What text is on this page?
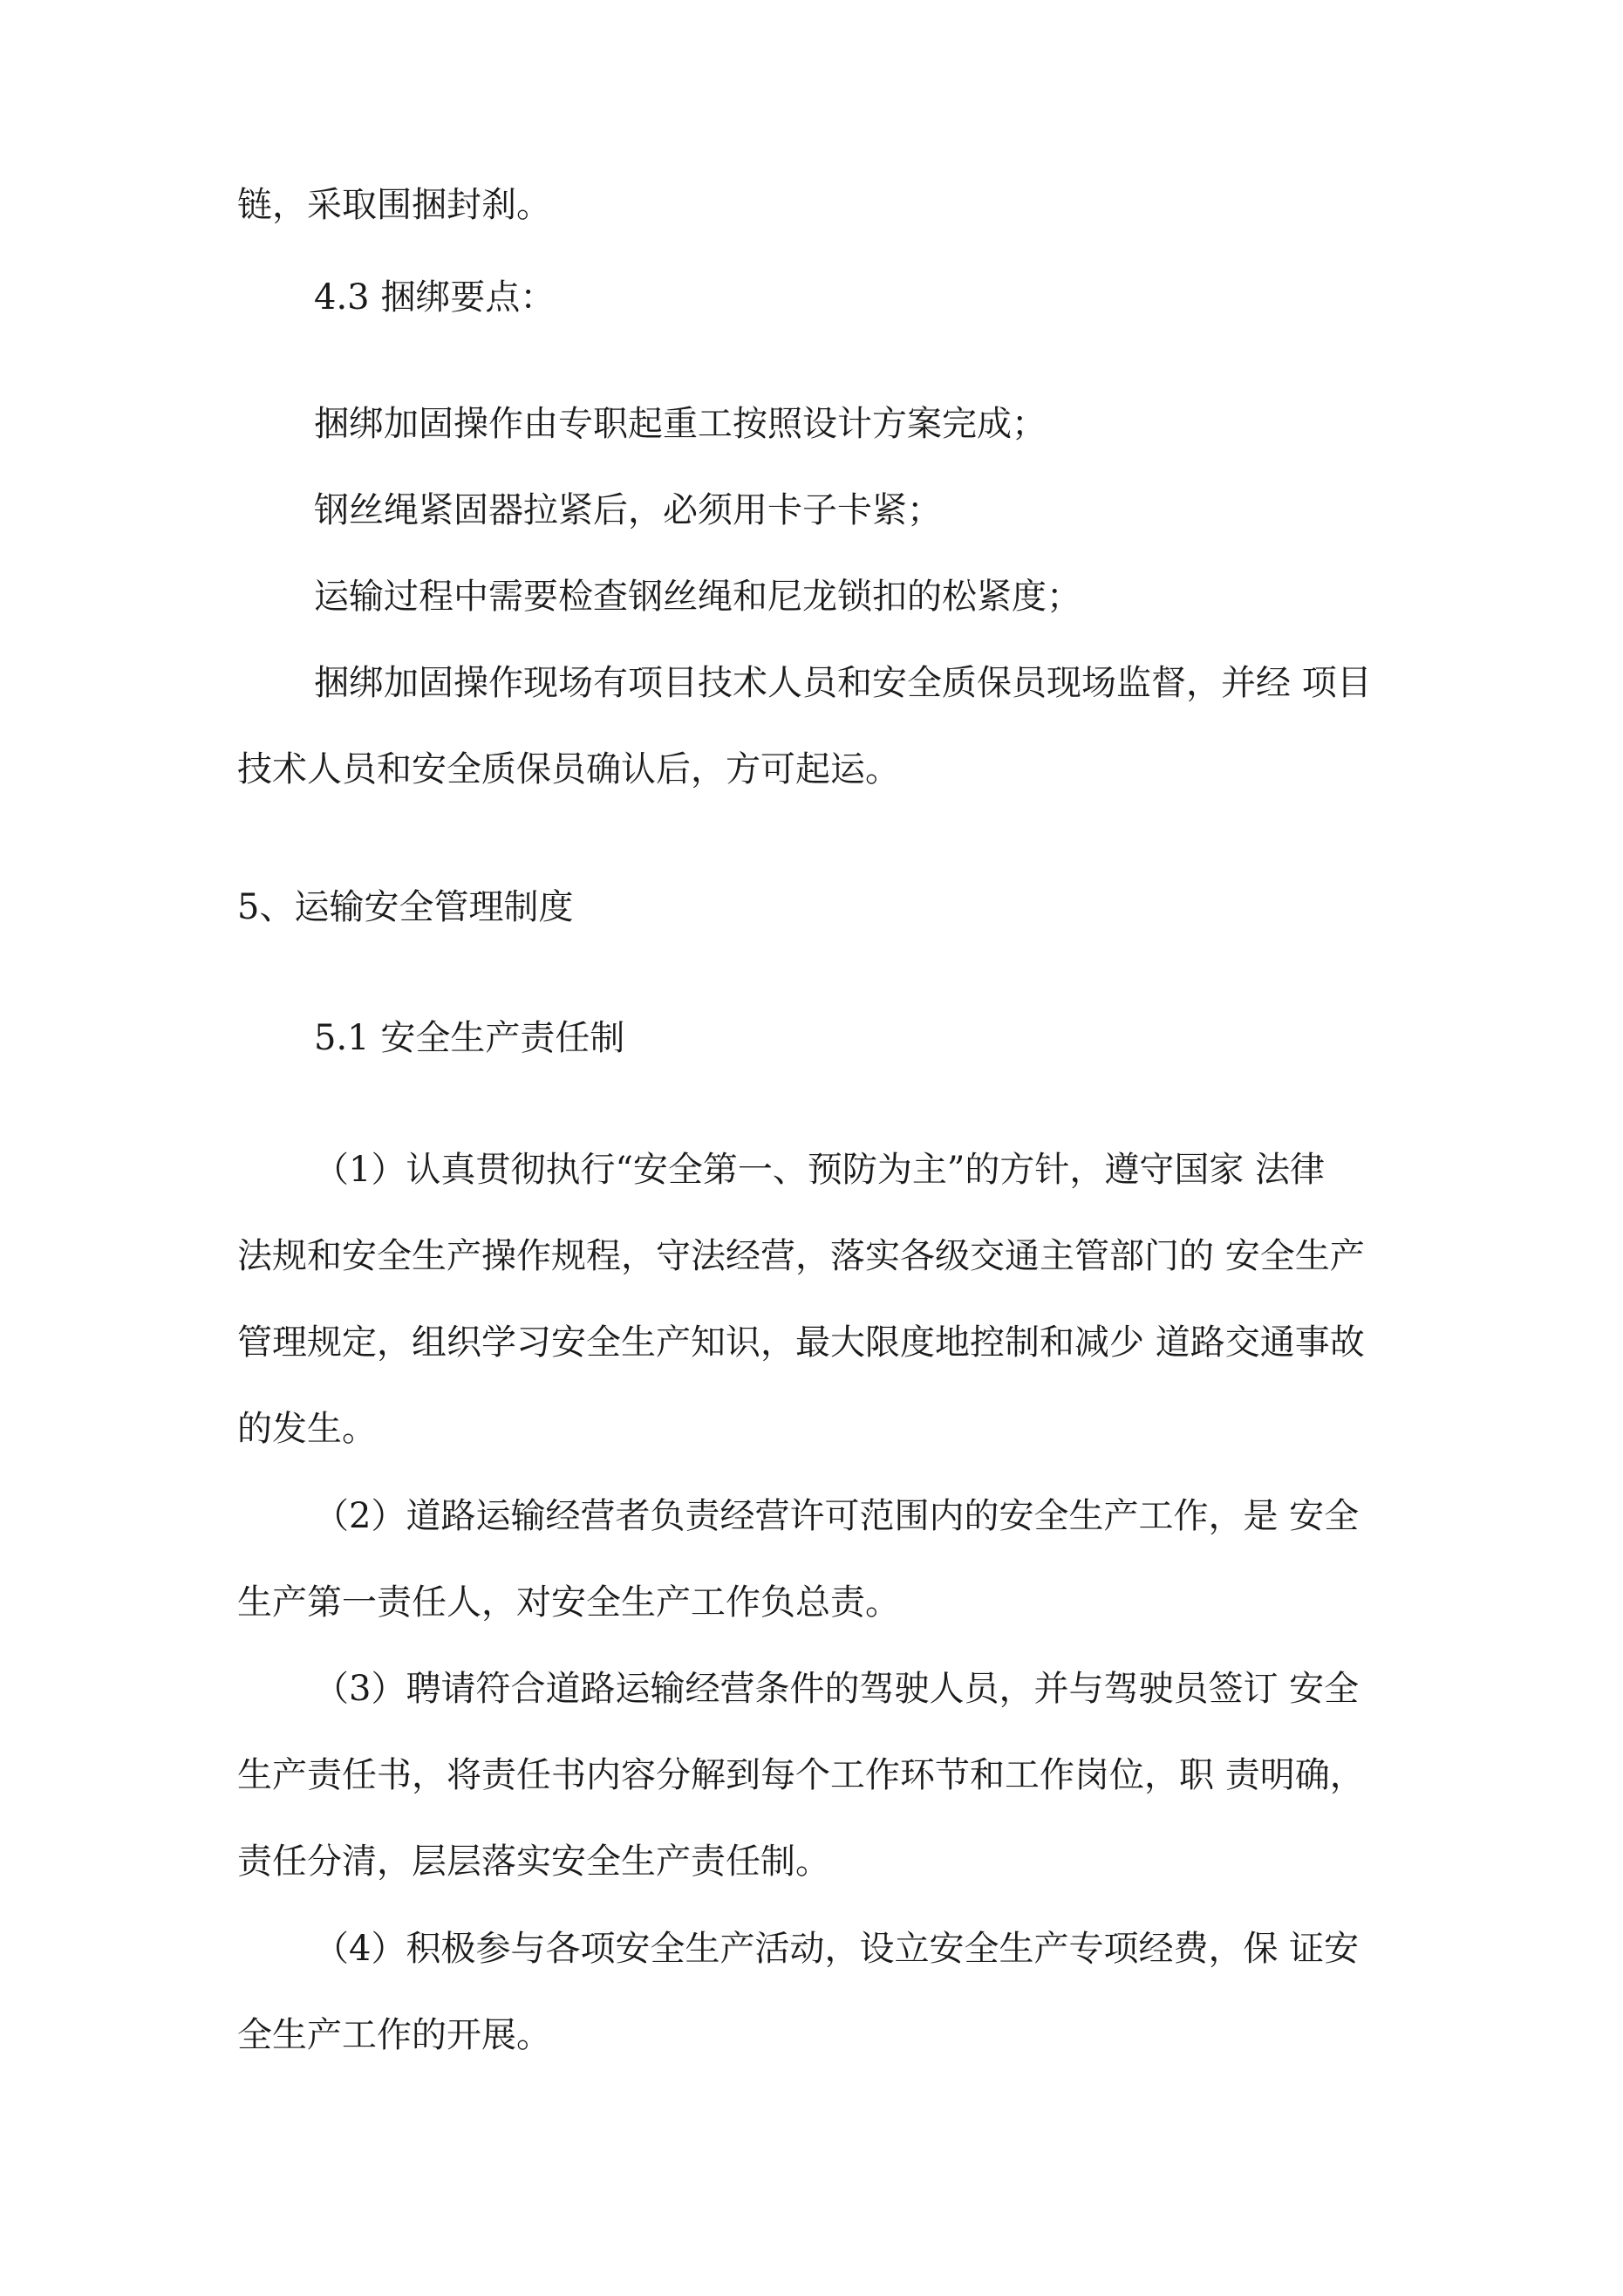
链，采取围捆封刹。

4.3 捆绑要点：

捆绑加固操作由专职起重工按照设计方案完成；

钢丝绳紧固器拉紧后，必须用卡子卡紧；

运输过程中需要检查钢丝绳和尼龙锁扣的松紧度；

捆绑加固操作现场有项目技术人员和安全质保员现场监督，并经 项目

技术人员和安全质保员确认后，方可起运。

5、运输安全管理制度

5.1 安全生产责任制

（1）认真贯彻执行“安全第一、预防为主”的方针，遵守国家 法律

法规和安全生产操作规程，守法经营，落实各级交通主管部门的 安全生产

管理规定，组织学习安全生产知识，最大限度地控制和减少 道路交通事故

的发生。

（2）道路运输经营者负责经营许可范围内的安全生产工作，是 安全

生产第一责任人，对安全生产工作负总责。

（3）聘请符合道路运输经营条件的驾驶人员，并与驾驶员签订 安全

生产责任书，将责任书内容分解到每个工作环节和工作岗位，职 责明确，

责任分清，层层落实安全生产责任制。

（4）积极参与各项安全生产活动，设立安全生产专项经费，保 证安

全生产工作的开展。
